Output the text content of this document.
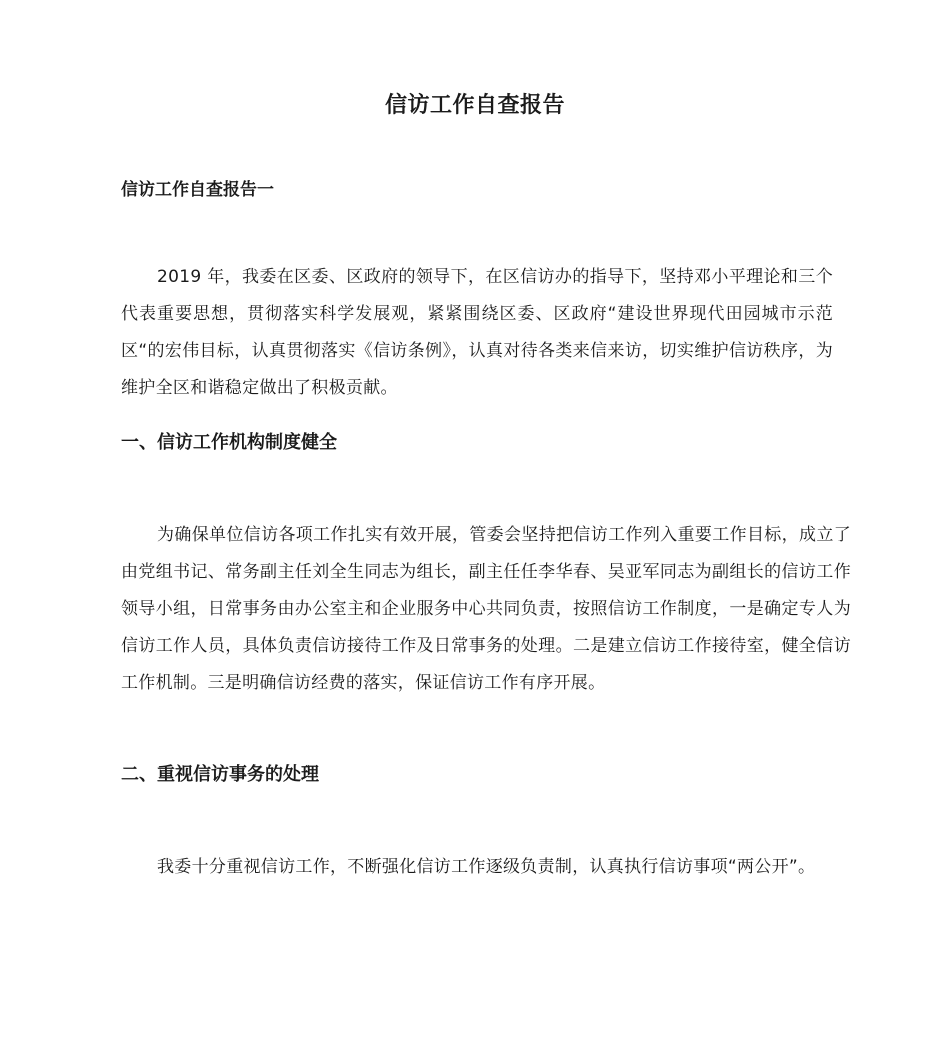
信访工作自查报告
信访工作自查报告一

2019 年，我委在区委、区政府的领导下，在区信访办的指导下，坚持邓小平理论和三个代表重要思想，贯彻落实科学发展观，紧紧围绕区委、区政府“建设世界现代田园城市示范区“的宏伟目标，认真贯彻落实《信访条例》，认真对待各类来信来访，切实维护信访秩序，为维护全区和谐稳定做出了积极贡献。

一、信访工作机构制度健全

为确保单位信访各项工作扎实有效开展，管委会坚持把信访工作列入重要工作目标，成立了由党组书记、常务副主任刘全生同志为组长，副主任任李华春、吴亚军同志为副组长的信访工作领导小组，日常事务由办公室主和企业服务中心共同负责，按照信访工作制度，一是确定专人为信访工作人员，具体负责信访接待工作及日常事务的处理。二是建立信访工作接待室，健全信访工作机制。三是明确信访经费的落实，保证信访工作有序开展。

二、重视信访事务的处理

我委十分重视信访工作，不断强化信访工作逐级负责制，认真执行信访事项“两公开”。
